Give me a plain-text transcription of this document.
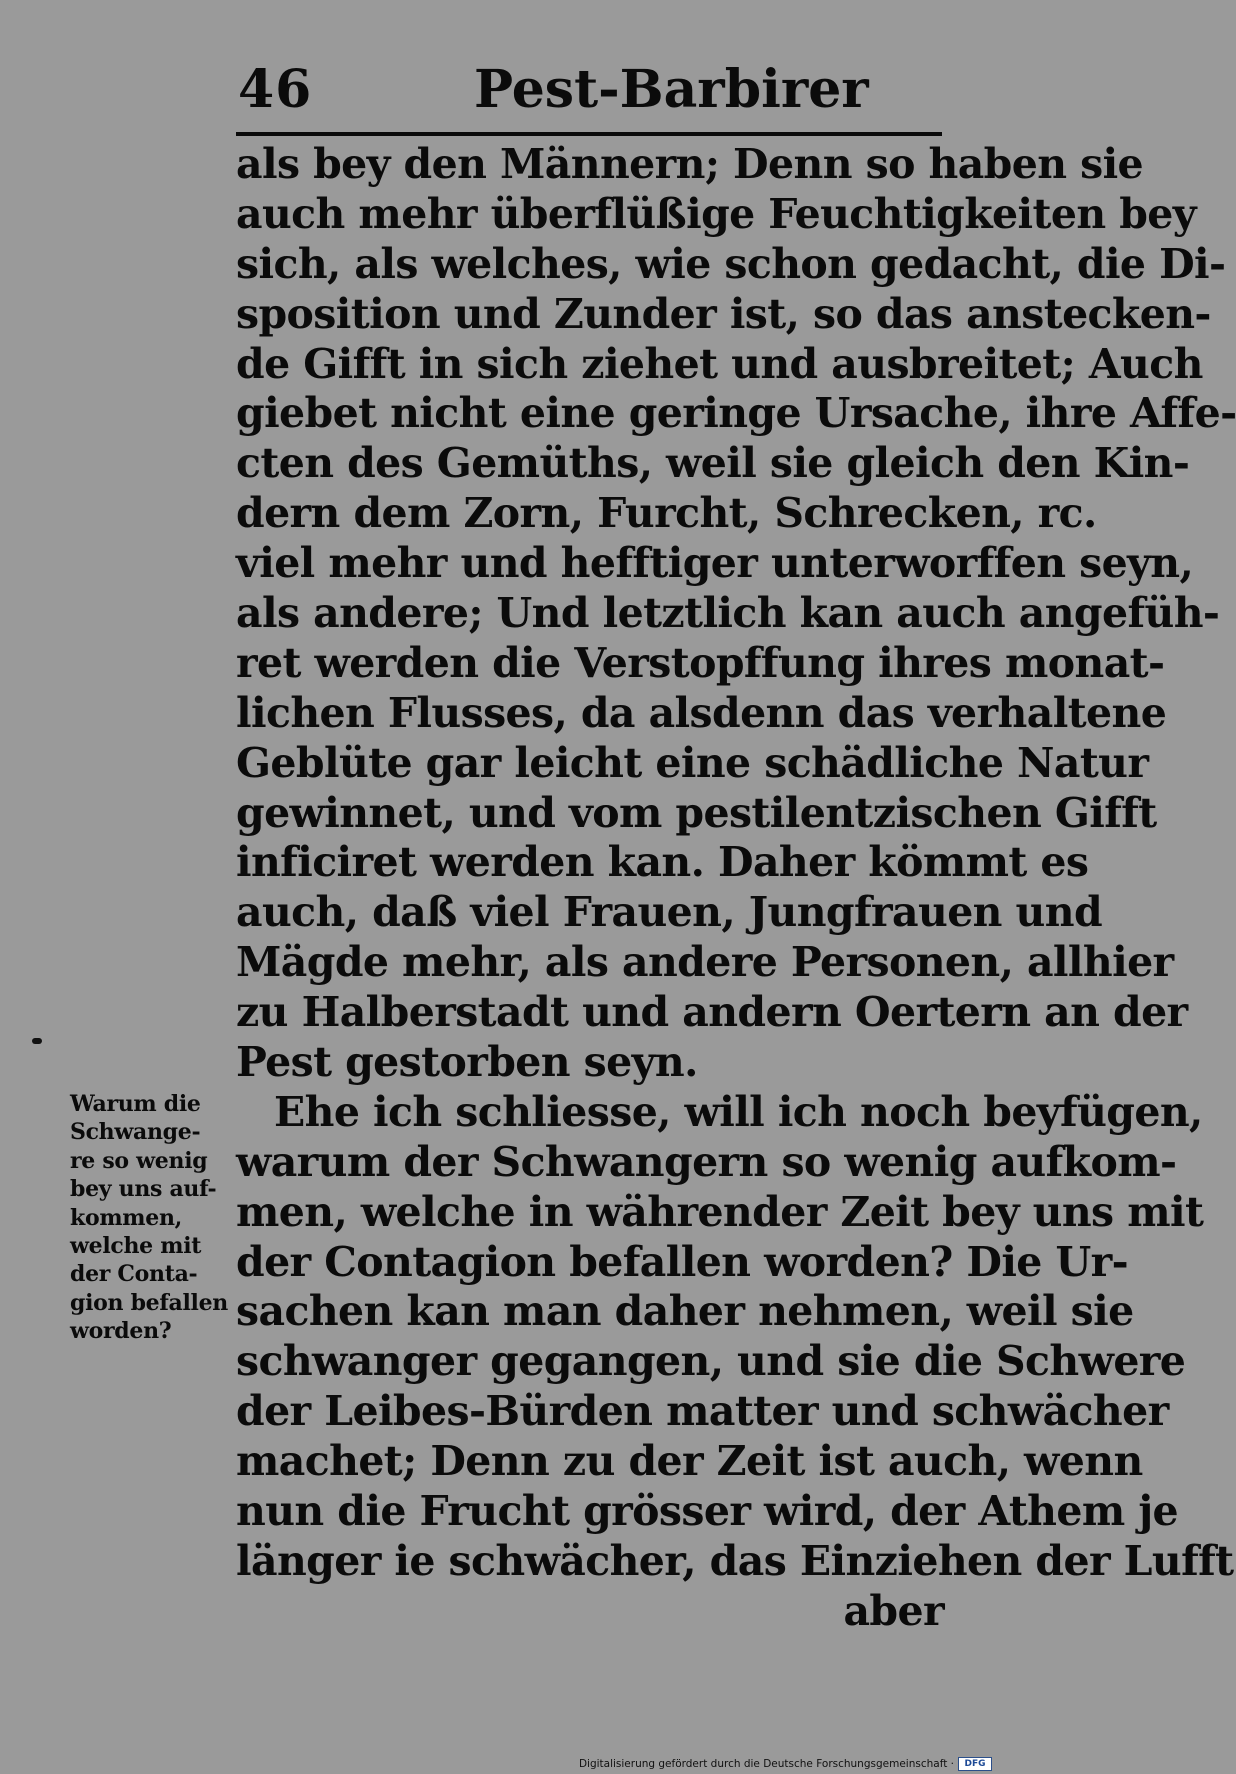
46	Pest-Barbirer
als bey den Männern; Denn so haben sie
auch mehr überflüßige Feuchtigkeiten bey
sich, als welches, wie schon gedacht, die Di-
sposition und Zunder ist, so das anstecken-
de Gifft in sich ziehet und ausbreitet; Auch
giebet nicht eine geringe Ursache, ihre Affe-
cten des Gemüths, weil sie gleich den Kin-
dern dem Zorn, Furcht, Schrecken, rc.
viel mehr und hefftiger unterworffen seyn,
als andere; Und letztlich kan auch angefüh-
ret werden die Verstopffung ihres monat-
lichen Flusses, da alsdenn das verhaltene
Geblüte gar leicht eine schädliche Natur
gewinnet, und vom pestilentzischen Gifft
inficiret werden kan. Daher kömmt es
auch, daß viel Frauen, Jungfrauen und
Mägde mehr, als andere Personen, allhier
zu Halberstadt und andern Oertern an der
Pest gestorben seyn.
Ehe ich schliesse, will ich noch beyfügen,
warum der Schwangern so wenig aufkom-
men, welche in währender Zeit bey uns mit
der Contagion befallen worden? Die Ur-
sachen kan man daher nehmen, weil sie
schwanger gegangen, und sie die Schwere
der Leibes-Bürden matter und schwächer
machet; Denn zu der Zeit ist auch, wenn
nun die Frucht grösser wird, der Athem je
länger ie schwächer, das Einziehen der Lufft
aber
Warum die
Schwange-
re so wenig
bey uns auf-
kommen,
welche mit
der Conta-
gion befallen
worden?
Digitalisierung gefördert durch die Deutsche Forschungsgemeinschaft ·	DFG
